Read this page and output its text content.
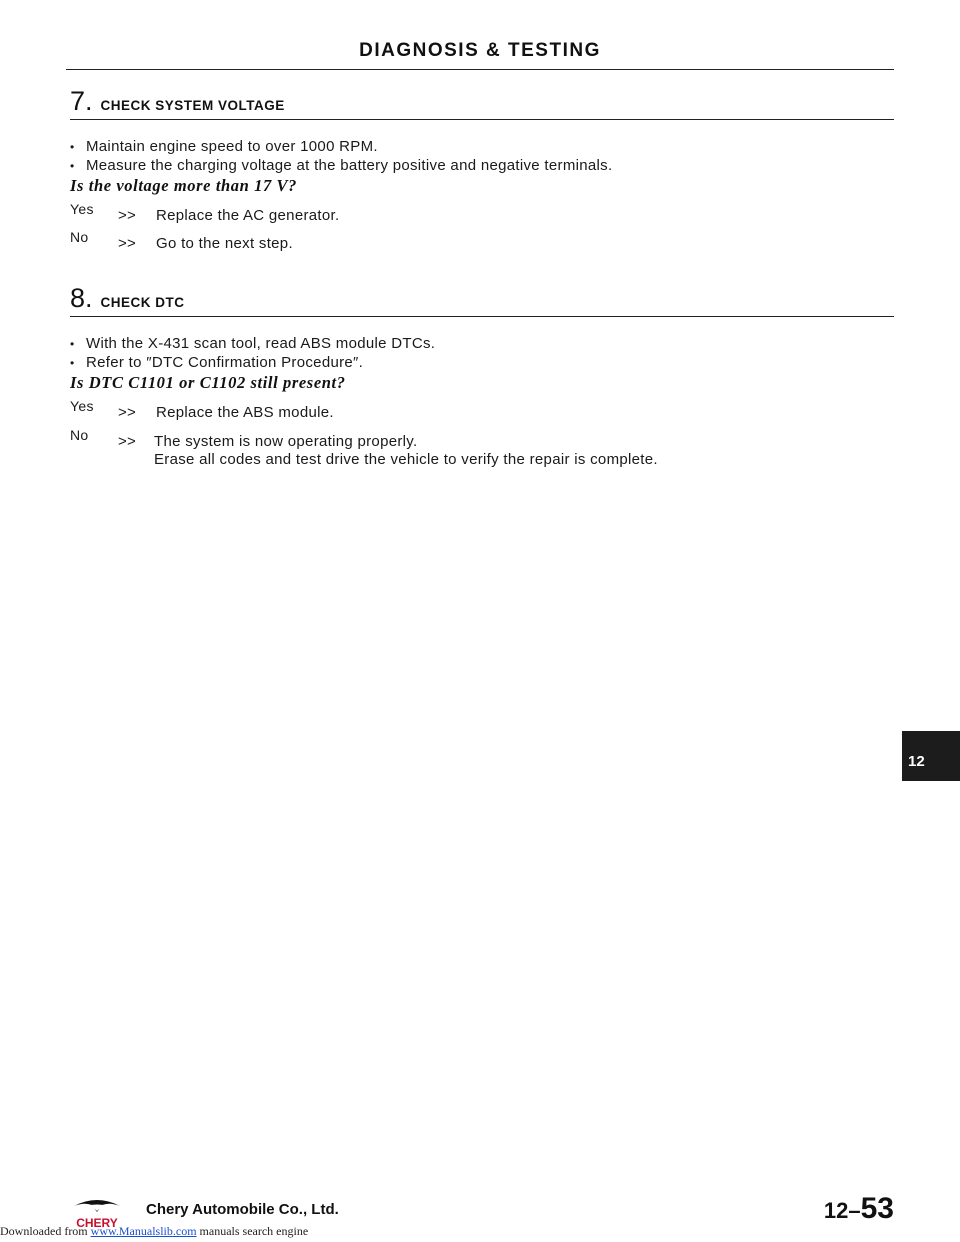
DIAGNOSIS & TESTING
7. CHECK SYSTEM VOLTAGE
• Maintain engine speed to over 1000 RPM.
• Measure the charging voltage at the battery positive and negative terminals.
Is the voltage more than 17 V?
Yes	>> Replace the AC generator.
No	>> Go to the next step.
8. CHECK DTC
• With the X-431 scan tool, read ABS module DTCs.
• Refer to ″DTC Confirmation Procedure″.
Is DTC C1101 or C1102 still present?
Yes	>> Replace the ABS module.
No	>> The system is now operating properly.
Erase all codes and test drive the vehicle to verify the repair is complete.
12
CHERY
Chery Automobile Co., Ltd.	12–53
Downloaded from www.Manualslib.com manuals search engine
